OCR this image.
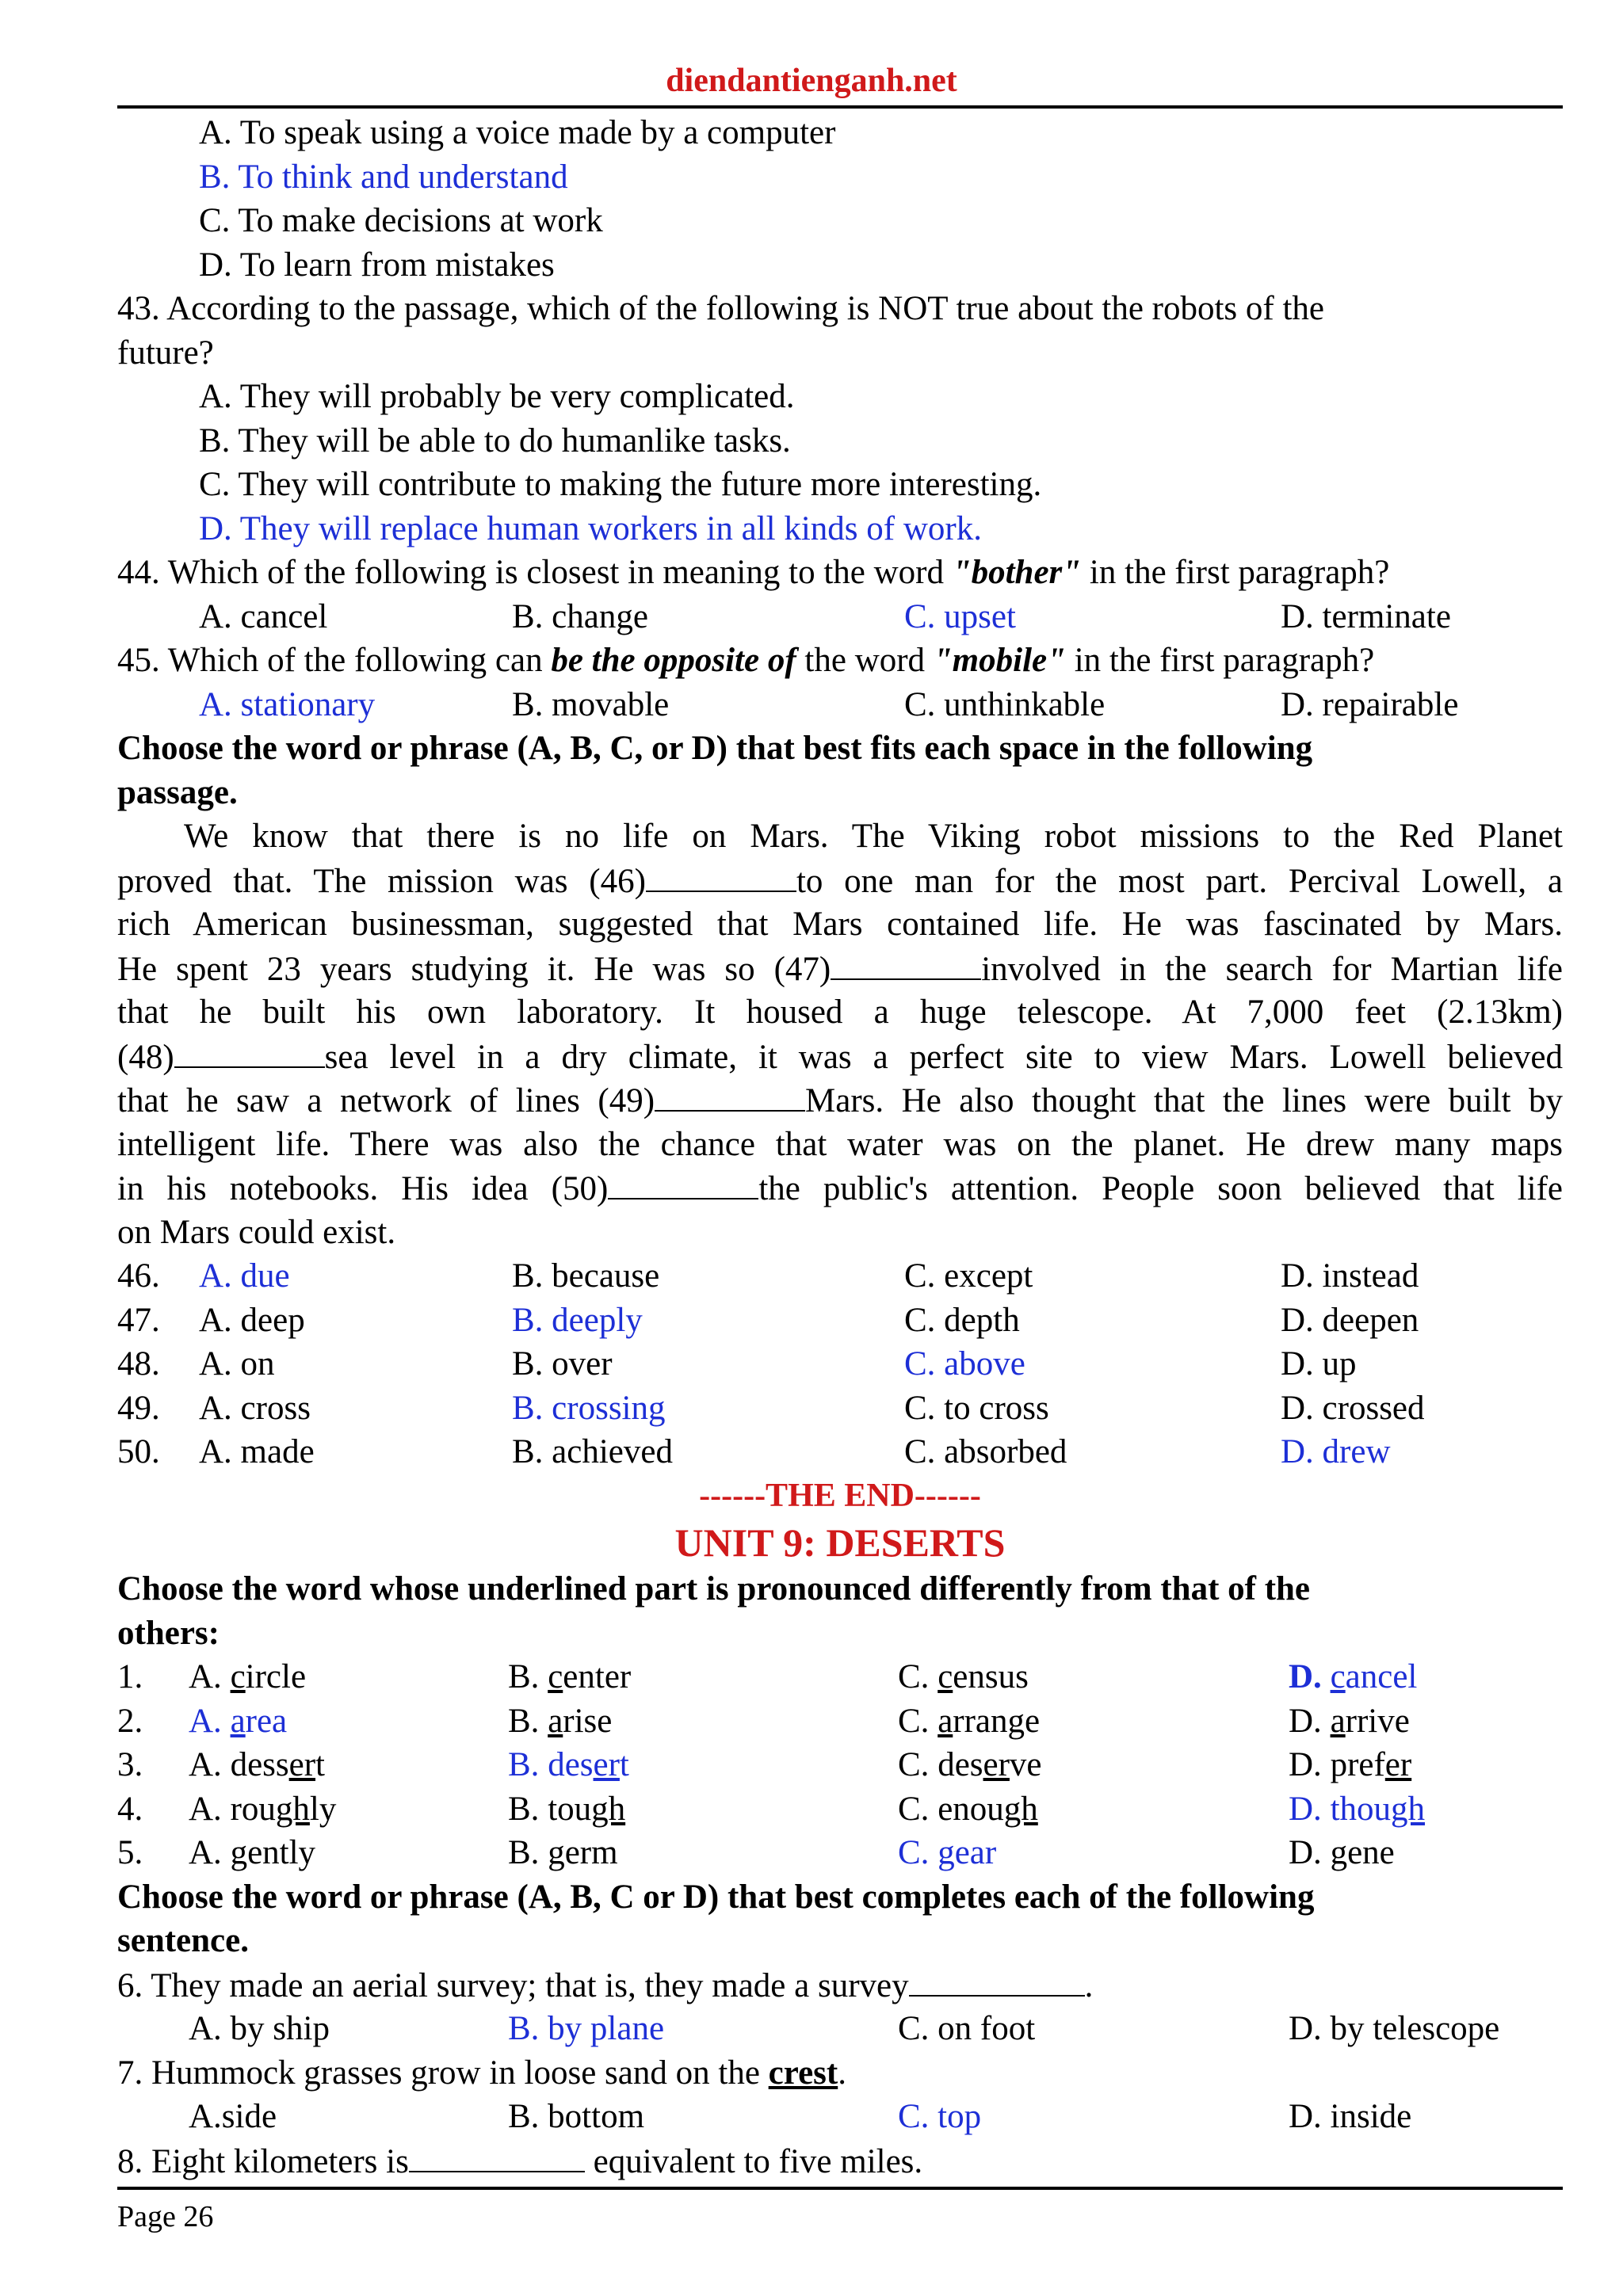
diendantienganh.net
A. To speak using a voice made by a computer
B. To think and understand
C. To make decisions at work
D. To learn from mistakes
43. According to the passage, which of the following is NOT true about the robots of the
future?
A. They will probably be very complicated.
B. They will be able to do humanlike tasks.
C. They will contribute to making the future more interesting.
D. They will replace human workers in all kinds of work.
44. Which of the following is closest in meaning to the word "bother" in the first paragraph?
A. cancel	B. change	C. upset	D. terminate
45. Which of the following can be the opposite of the word "mobile" in the first paragraph?
A. stationary	B. movable	C. unthinkable	D. repairable
Choose the word or phrase (A, B, C, or D) that best fits each space in the following
passage.
We know that there is no life on Mars. The Viking robot missions to the Red Planet
proved that. The mission was (46)	to one man for the most part. Percival Lowell, a
rich American businessman, suggested that Mars contained life. He was fascinated by Mars.
He spent 23 years studying it. He was so (47)	involved in the search for Martian life
that he built his own laboratory. It housed a huge telescope. At 7,000 feet (2.13km)
(48)	sea level in a dry climate, it was a perfect site to view Mars. Lowell believed
that he saw a network of lines (49)	Mars. He also thought that the lines were built by
intelligent life. There was also the chance that water was on the planet. He drew many maps
in his notebooks. His idea (50)	the public's attention. People soon believed that life
on Mars could exist.
46. A. due	B. because	C. except	D. instead
47. A. deep	B. deeply	C. depth	D. deepen
48. A. on	B. over	C. above	D. up
49. A. cross	B. crossing	C. to cross	D. crossed
50. A. made	B. achieved	C. absorbed	D. drew
------THE END------
UNIT 9: DESERTS
Choose the word whose underlined part is pronounced differently from that of the
others:
1. A. circle	B. center	C. census	D. cancel
2. A. area	B. arise	C. arrange	D. arrive
3. A. dessert	B. desert	C. deserve	D. prefer
4. A. roughly	B. tough	C. enough	D. though
5. A. gently	B. germ	C. gear	D. gene
Choose the word or phrase (A, B, C or D) that best completes each of the following
sentence.
6. They made an aerial survey; that is, they made a survey	.
A. by ship	B. by plane	C. on foot	D. by telescope
7. Hummock grasses grow in loose sand on the crest.
A.side	B. bottom	C. top	D. inside
8. Eight kilometers is	equivalent to five miles.
Page 26
